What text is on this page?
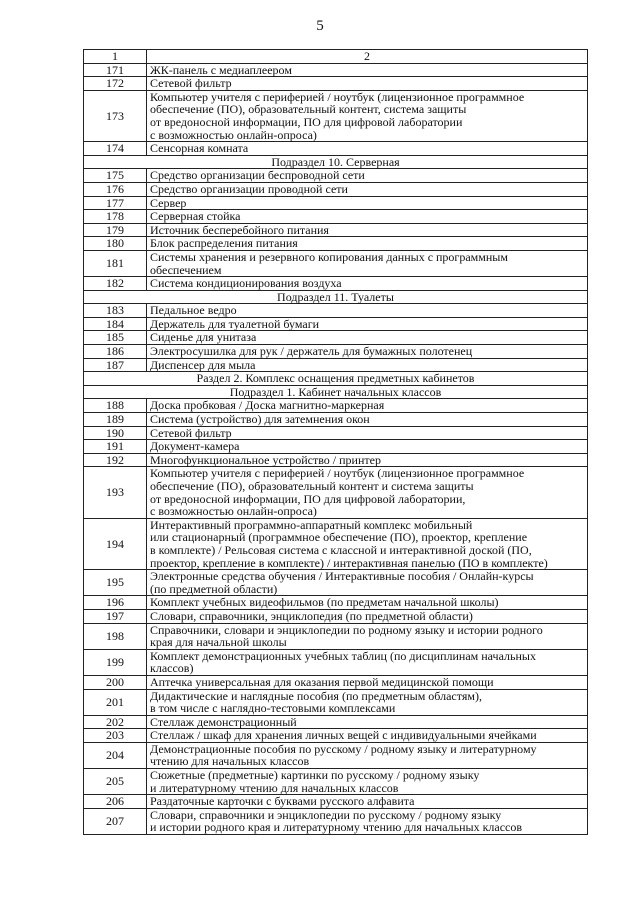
5
1	2
171	ЖК-панель с медиаплеером
172	Сетевой фильтр
173	Компьютер учителя с периферией / ноутбук (лицензионное программное
обеспечение (ПО), образовательный контент, система защиты
от вредоносной информации, ПО для цифровой лаборатории
с возможностью онлайн-опроса)

174	Сенсорная комната
Подраздел 10. Серверная	
175	Средство организации беспроводной сети
176	Средство организации проводной сети
177	Сервер
178	Серверная стойка
179	Источник бесперебойного питания
180	Блок распределения питания
181	Системы хранения и резервного копирования данных с программным
обеспечением

182	Система кондиционирования воздуха
Подраздел 11. Туалеты	
183	Педальное ведро
184	Держатель для туалетной бумаги
185	Сиденье для унитаза
186	Электросушилка для рук / держатель для бумажных полотенец
187	Диспенсер для мыла
Раздел 2. Комплекс оснащения предметных кабинетов	
Подраздел 1. Кабинет начальных классов	
188	Доска пробковая / Доска магнитно-маркерная
189	Система (устройство) для затемнения окон
190	Сетевой фильтр
191	Документ-камера
192	Многофункциональное устройство / принтер
193	Компьютер учителя с периферией / ноутбук (лицензионное программное
обеспечение (ПО), образовательный контент и система защиты
от вредоносной информации, ПО для цифровой лаборатории,
с возможностью онлайн-опроса)

194	Интерактивный программно-аппаратный комплекс мобильный
или стационарный (программное обеспечение (ПО), проектор, крепление
в комплекте) / Рельсовая система с классной и интерактивной доской (ПО,
проектор, крепление в комплекте) / интерактивная панелью (ПО в комплекте)

195	Электронные средства обучения / Интерактивные пособия / Онлайн-курсы
(по предметной области)

196	Комплект учебных видеофильмов (по предметам начальной школы)
197	Словари, справочники, энциклопедия (по предметной области)
198	Справочники, словари и энциклопедии по родному языку и истории родного
края для начальной школы

199	Комплект демонстрационных учебных таблиц (по дисциплинам начальных
классов)

200	Аптечка универсальная для оказания первой медицинской помощи
201	Дидактические и наглядные пособия (по предметным областям),
в том числе с наглядно-тестовыми комплексами

202	Стеллаж демонстрационный
203	Стеллаж / шкаф для хранения личных вещей с индивидуальными ячейками
204	Демонстрационные пособия по русскому / родному языку и литературному
чтению для начальных классов

205	Сюжетные (предметные) картинки по русскому / родному языку
и литературному чтению для начальных классов

206	Раздаточные карточки с буквами русского алфавита
207	Словари, справочники и энциклопедии по русскому / родному языку
и истории родного края и литературному чтению для начальных классов
